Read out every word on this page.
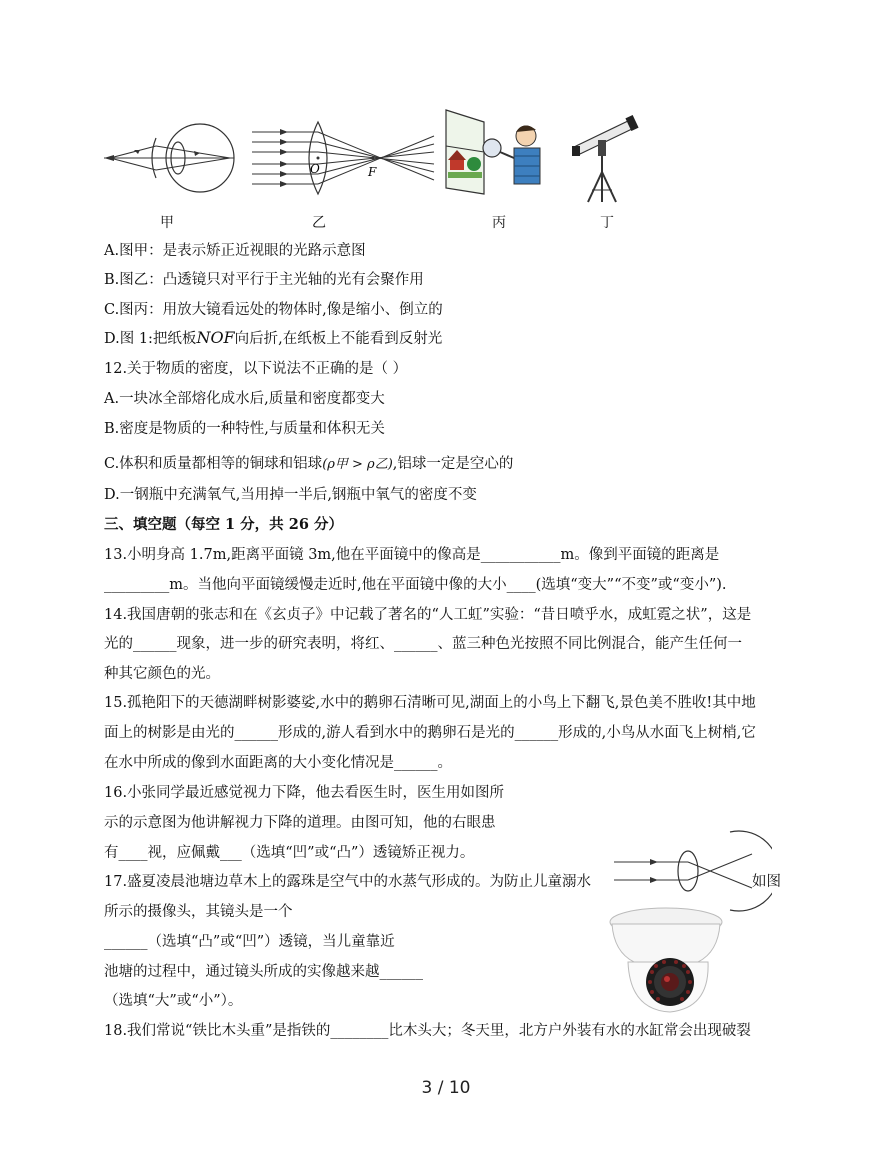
O	F
甲	乙	丙	丁
A.图甲：是表示矫正近视眼的光路示意图
B.图乙：凸透镜只对平行于主光轴的光有会聚作用
C.图丙：用放大镜看远处的物体时,像是缩小、倒立的
D.图 1:把纸板NOF向后折,在纸板上不能看到反射光
12.关于物质的密度，以下说法不正确的是（ ）
A.一块冰全部熔化成水后,质量和密度都变大
B.密度是物质的一种特性,与质量和体积无关
C.体积和质量都相等的铜球和铝球(ρ甲 > ρ乙),铝球一定是空心的
D.一钢瓶中充满氧气,当用掉一半后,钢瓶中氧气的密度不变
三、填空题（每空 1 分，共 26 分）
13.小明身高 1.7m,距离平面镜 3m,他在平面镜中的像高是___________m。像到平面镜的距离是
_________m。当他向平面镜缓慢走近时,他在平面镜中像的大小____(选填“变大”“不变”或“变小”).
14.我国唐朝的张志和在《玄贞子》中记载了著名的“人工虹”实验：“昔日喷乎水，成虹霓之状”，这是
光的______现象，进一步的研究表明，将红、______、蓝三种色光按照不同比例混合，能产生任何一
种其它颜色的光。
15.孤艳阳下的天德湖畔树影婆娑,水中的鹅卵石清晰可见,湖面上的小鸟上下翻飞,景色美不胜收!其中地
面上的树影是由光的______形成的,游人看到水中的鹅卵石是光的______形成的,小鸟从水面飞上树梢,它
在水中所成的像到水面距离的大小变化情况是______。
16.小张同学最近感觉视力下降，他去看医生时，医生用如图所
示的示意图为他讲解视力下降的道理。由图可知，他的右眼患
有____视，应佩戴___（选填“凹”或“凸”）透镜矫正视力。
17.盛夏凌晨池塘边草木上的露珠是空气中的水蒸气形成的。为防止儿童溺水	如图
所示的摄像头，其镜头是一个
______（选填“凸”或“凹”）透镜，当儿童靠近
池塘的过程中，通过镜头所成的实像越来越______
（选填“大”或“小”）。
18.我们常说“铁比木头重”是指铁的________比木头大；冬天里，北方户外装有水的水缸常会出现破裂
3 / 10
